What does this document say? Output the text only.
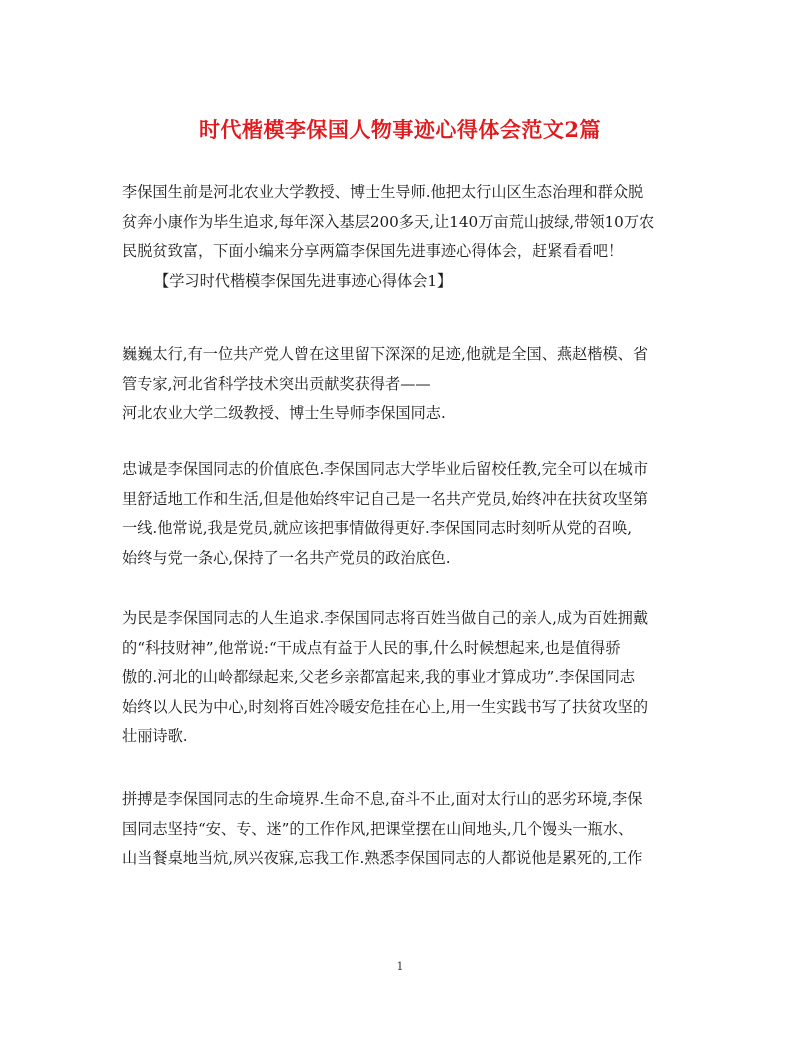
时代楷模李保国人物事迹心得体会范文2篇
李保国生前是河北农业大学教授、博士生导师.他把太行山区生态治理和群众脱
贫奔小康作为毕生追求,每年深入基层200多天,让140万亩荒山披绿,带领10万农
民脱贫致富，下面小编来分享两篇李保国先进事迹心得体会，赶紧看看吧！
【学习时代楷模李保国先进事迹心得体会1】
巍巍太行,有一位共产党人曾在这里留下深深的足迹,他就是全国、燕赵楷模、省
管专家,河北省科学技术突出贡献奖获得者——
河北农业大学二级教授、博士生导师李保国同志.
忠诚是李保国同志的价值底色.李保国同志大学毕业后留校任教,完全可以在城市
里舒适地工作和生活,但是他始终牢记自己是一名共产党员,始终冲在扶贫攻坚第
一线.他常说,我是党员,就应该把事情做得更好.李保国同志时刻听从党的召唤,
始终与党一条心,保持了一名共产党员的政治底色.
为民是李保国同志的人生追求.李保国同志将百姓当做自己的亲人,成为百姓拥戴
的“科技财神”,他常说:“干成点有益于人民的事,什么时候想起来,也是值得骄
傲的.河北的山岭都绿起来,父老乡亲都富起来,我的事业才算成功”.李保国同志
始终以人民为中心,时刻将百姓冷暖安危挂在心上,用一生实践书写了扶贫攻坚的
壮丽诗歌.
拼搏是李保国同志的生命境界.生命不息,奋斗不止,面对太行山的恶劣环境,李保
国同志坚持“安、专、迷”的工作作风,把课堂摆在山间地头,几个馒头一瓶水、
山当餐桌地当炕,夙兴夜寐,忘我工作.熟悉李保国同志的人都说他是累死的,工作
1
